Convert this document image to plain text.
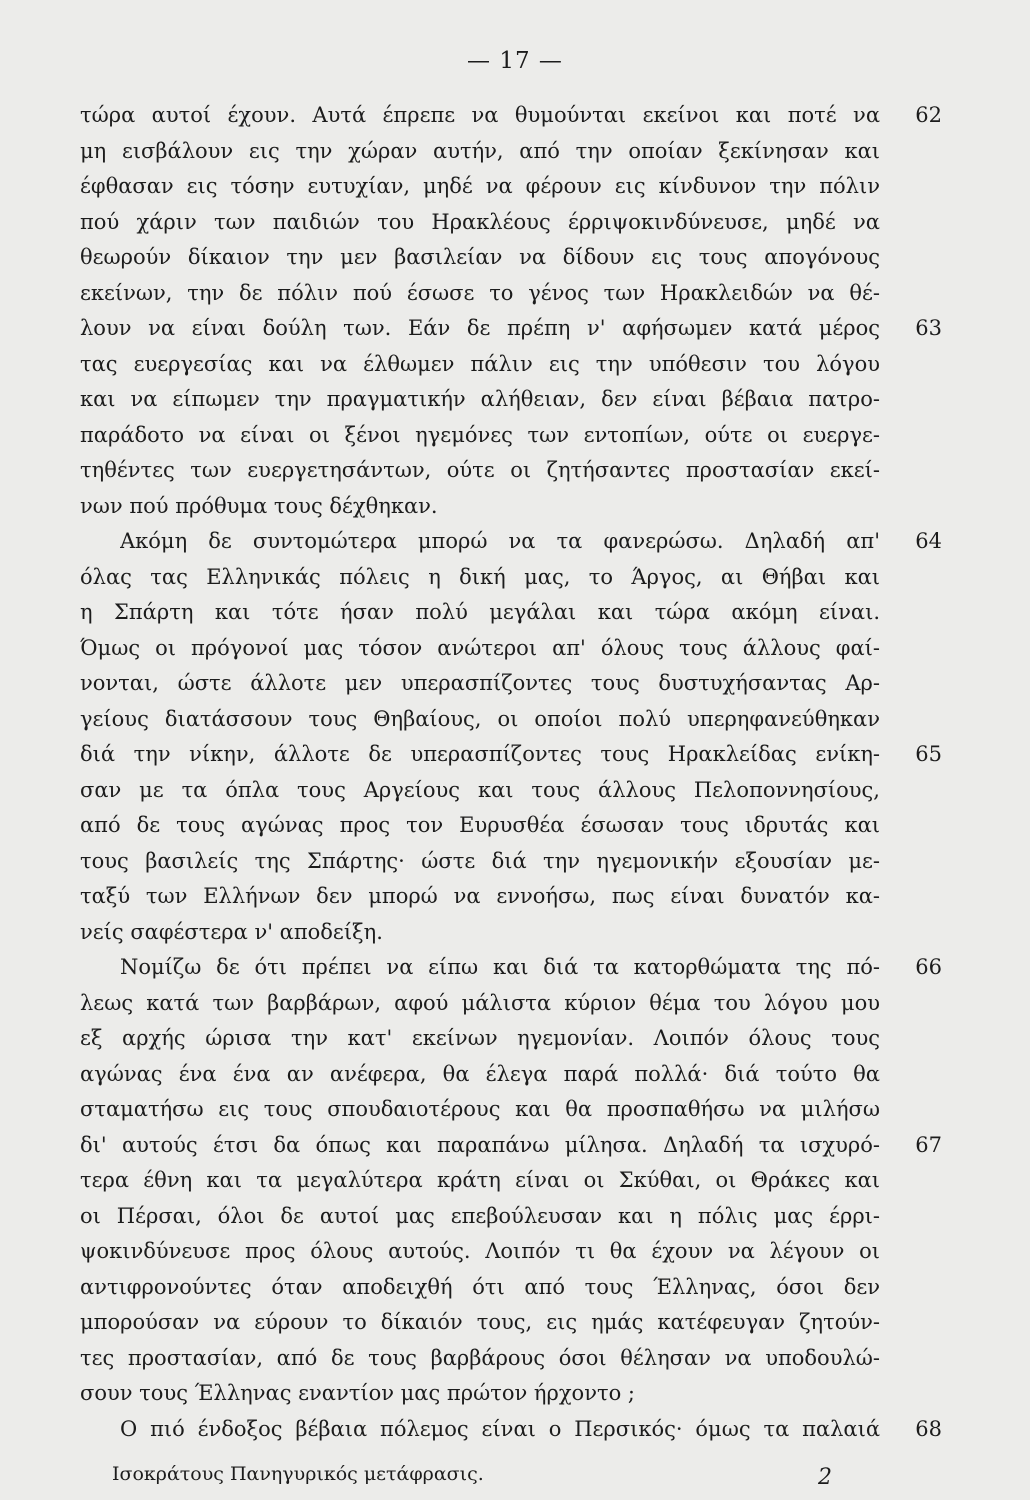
— 17 —
τώρα αυτοί έχουν. Αυτά έπρεπε να θυμούνται εκείνοι και ποτέ να
μη εισβάλουν εις την χώραν αυτήν, από την οποίαν ξεκίνησαν και
έφθασαν εις τόσην ευτυχίαν, μηδέ να φέρουν εις κίνδυνον την πόλιν
πού χάριν των παιδιών του Ηρακλέους έρριψοκινδύνευσε, μηδέ να
θεωρούν δίκαιον την μεν βασιλείαν να δίδουν εις τους απογόνους
εκείνων, την δε πόλιν πού έσωσε το γένος των Ηρακλειδών να θέ-
λουν να είναι δούλη των. Εάν δε πρέπη ν' αφήσωμεν κατά μέρος
τας ευεργεσίας και να έλθωμεν πάλιν εις την υπόθεσιν του λόγου
και να είπωμεν την πραγματικήν αλήθειαν, δεν είναι βέβαια πατρο-
παράδοτο να είναι οι ξένοι ηγεμόνες των εντοπίων, ούτε οι ευεργε-
τηθέντες των ευεργετησάντων, ούτε οι ζητήσαντες προστασίαν εκεί-
νων πού πρόθυμα τους δέχθηκαν.
Ακόμη δε συντομώτερα μπορώ να τα φανερώσω. Δηλαδή απ'
όλας τας Ελληνικάς πόλεις η δική μας, το Άργος, αι Θήβαι και
η Σπάρτη και τότε ήσαν πολύ μεγάλαι και τώρα ακόμη είναι.
Όμως οι πρόγονοί μας τόσον ανώτεροι απ' όλους τους άλλους φαί-
νονται, ώστε άλλοτε μεν υπερασπίζοντες τους δυστυχήσαντας Αρ-
γείους διατάσσουν τους Θηβαίους, οι οποίοι πολύ υπερηφανεύθηκαν
διά την νίκην, άλλοτε δε υπερασπίζοντες τους Ηρακλείδας ενίκη-
σαν με τα όπλα τους Αργείους και τους άλλους Πελοποννησίους,
από δε τους αγώνας προς τον Ευρυσθέα έσωσαν τους ιδρυτάς και
τους βασιλείς της Σπάρτης· ώστε διά την ηγεμονικήν εξουσίαν με-
ταξύ των Ελλήνων δεν μπορώ να εννοήσω, πως είναι δυνατόν κα-
νείς σαφέστερα ν' αποδείξη.
Νομίζω δε ότι πρέπει να είπω και διά τα κατορθώματα της πό-
λεως κατά των βαρβάρων, αφού μάλιστα κύριον θέμα του λόγου μου
εξ αρχής ώρισα την κατ' εκείνων ηγεμονίαν. Λοιπόν όλους τους
αγώνας ένα ένα αν ανέφερα, θα έλεγα παρά πολλά· διά τούτο θα
σταματήσω εις τους σπουδαιοτέρους και θα προσπαθήσω να μιλήσω
δι' αυτούς έτσι δα όπως και παραπάνω μίλησα. Δηλαδή τα ισχυρό-
τερα έθνη και τα μεγαλύτερα κράτη είναι οι Σκύθαι, οι Θράκες και
οι Πέρσαι, όλοι δε αυτοί μας επεβούλευσαν και η πόλις μας έρρι-
ψοκινδύνευσε προς όλους αυτούς. Λοιπόν τι θα έχουν να λέγουν οι
αντιφρονούντες όταν αποδειχθή ότι από τους Έλληνας, όσοι δεν
μπορούσαν να εύρουν το δίκαιόν τους, εις ημάς κατέφευγαν ζητούν-
τες προστασίαν, από δε τους βαρβάρους όσοι θέλησαν να υποδουλώ-
σουν τους Έλληνας εναντίον μας πρώτον ήρχοντο ;
Ο πιό ένδοξος βέβαια πόλεμος είναι ο Περσικός· όμως τα παλαιά
62
63
64
65
66
67
68
Ισοκράτους Πανηγυρικός μετάφρασις.	2
